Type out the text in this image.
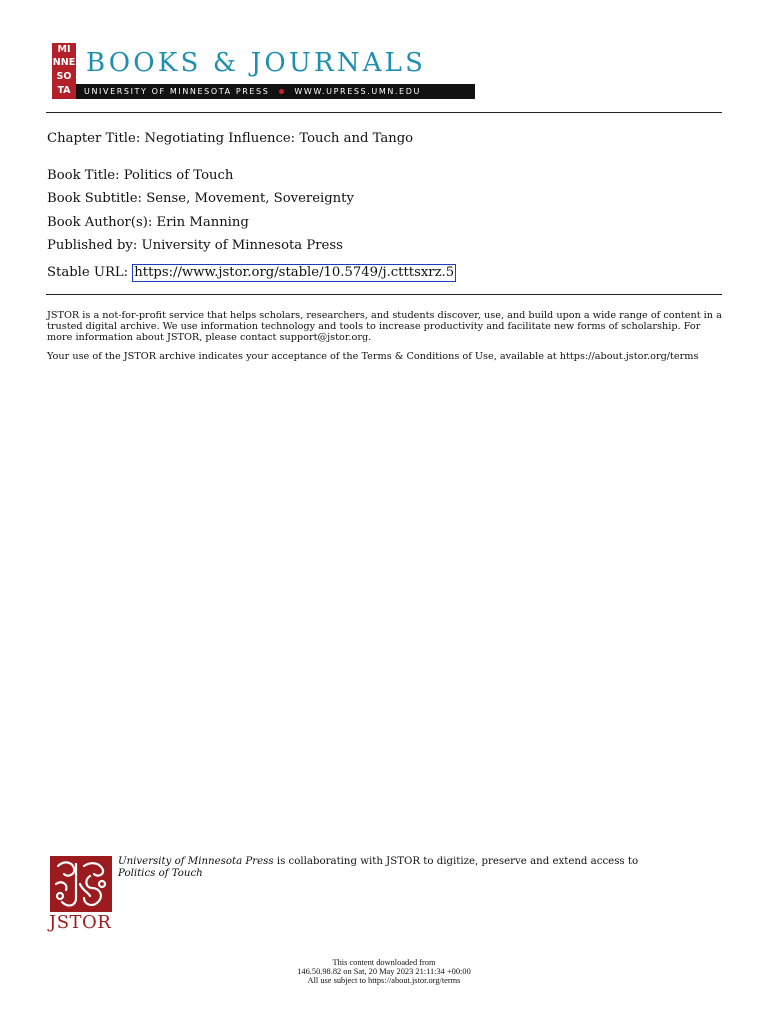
MI
NNE
SO
TA
BOOKS & JOURNALS
UNIVERSITY OF MINNESOTA PRESS	WWW.UPRESS.UMN.EDU
Chapter Title: Negotiating Influence: Touch and Tango
Book Title: Politics of Touch
Book Subtitle: Sense, Movement, Sovereignty
Book Author(s): Erin Manning
Published by: University of Minnesota Press
Stable URL: https://www.jstor.org/stable/10.5749/j.ctttsxrz.5
JSTOR is a not-for-profit service that helps scholars, researchers, and students discover, use, and build upon a wide range of content in a trusted digital archive. We use information technology and tools to increase productivity and facilitate new forms of scholarship. For more information about JSTOR, please contact support@jstor.org.
Your use of the JSTOR archive indicates your acceptance of the Terms & Conditions of Use, available at https://about.jstor.org/terms
JSTOR
University of Minnesota Press is collaborating with JSTOR to digitize, preserve and extend access to Politics of Touch
This content downloaded from
146.50.98.82 on Sat, 20 May 2023 21:11:34 +00:00
All use subject to https://about.jstor.org/terms
